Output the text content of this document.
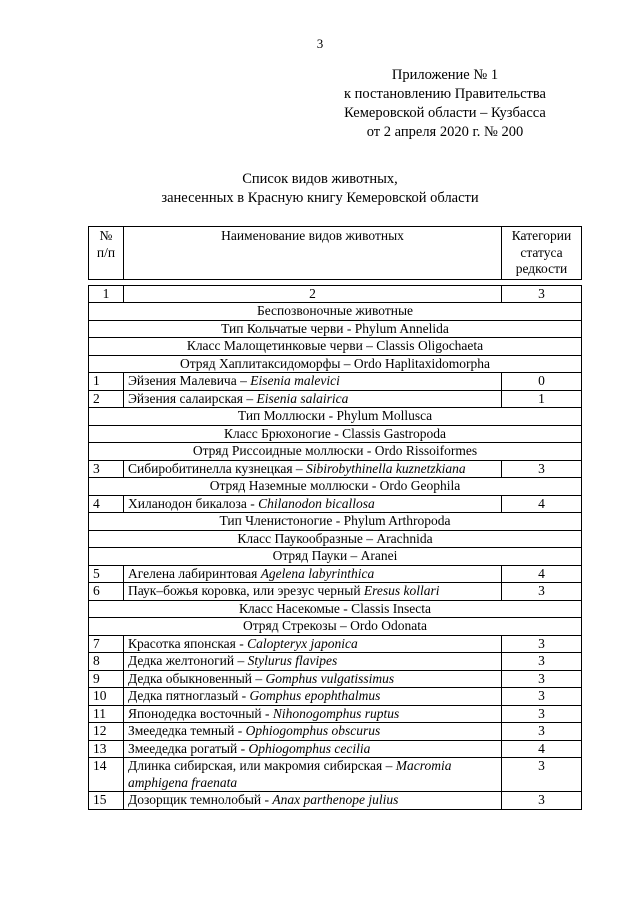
3
Приложение № 1
к постановлению Правительства
Кемеровской области – Кузбасса
от 2 апреля 2020 г. № 200
Список видов животных,
занесенных в Красную книгу Кемеровской области
№ п/п	Наименование видов животных	Категории статуса редкости

1	2	3
Беспозвоночные животные		
Тип Кольчатые черви - Phylum Annelida		
Класс Малощетинковые черви – Classis Oligochaeta		
Отряд Хаплитаксидоморфы – Ordo Haplitaxidomorpha		
1	Эйзения Малевича – Eisenia malevici	0
2	Эйзения салаирская – Eisenia salairica	1
Тип Моллюски - Phylum Mollusca		
Класс Брюхоногие - Classis Gastropoda		
Отряд Риссоидные моллюски - Ordo Rissoiformes		
3	Сибиробитинелла кузнецкая – Sibirobythinella kuznetzkiana	3
Отряд Наземные моллюски - Ordo Geophila		
4	Хиланодон бикалоза - Chilanodon bicallosa	4
Тип Членистоногие - Phylum Arthropoda		
Класс Паукообразные – Arachnida		
Отряд Пауки – Aranei		
5	Агелена лабиринтовая Agelena labyrinthica	4
6	Паук–божья коровка, или эрезус черный Eresus kollari	3
Класс Насекомые - Classis Insecta		
Отряд Стрекозы – Ordo Odonata		
7	Красотка японская - Calopteryx japonica	3
8	Дедка желтоногий – Stylurus flavipes	3
9	Дедка обыкновенный – Gomphus vulgatissimus	3
10	Дедка пятноглазый - Gomphus epophthalmus	3
11	Японодедка восточный - Nihonogomphus ruptus	3
12	Змеедедка темный - Ophiogomphus obscurus	3
13	Змеедедка рогатый - Ophiogomphus cecilia	4
14	Длинка сибирская, или макромия сибирская – Macromia amphigena fraenata	3
15	Дозорщик темнолобый - Anax parthenope julius	3
